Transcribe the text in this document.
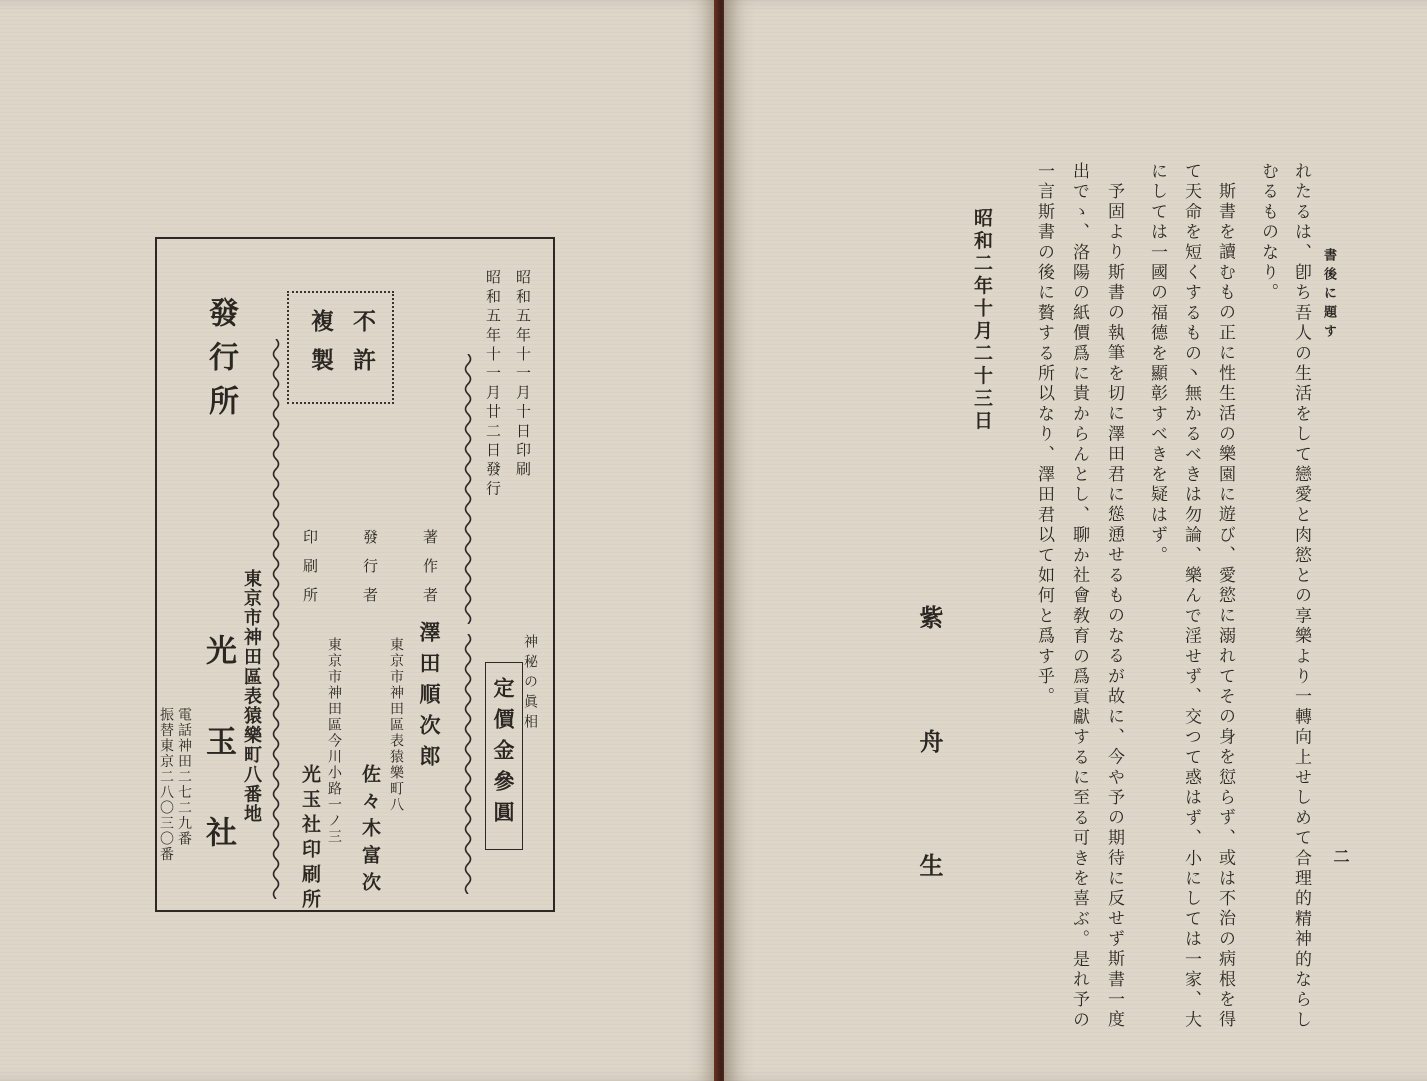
昭和五年十一月十日印刷
昭和五年十一月廿二日發行
不許
複製
神秘の眞相
定價金參圓
著作者
澤田順次郎
發行者
東京市神田區表猿樂町八
佐々木富次
印刷所
東京市神田區今川小路一ノ三
光玉社印刷所
發行所
東京市神田區表猿樂町八番地
光玉社
電話神田二七二九番
振替東京二八〇三〇番
書後に題す
二
れたるは、卽ち吾人の生活をして戀愛と肉慾との享樂より一轉向上せしめて合理的精神的ならし
むるものなり。
斯書を讀むもの正に性生活の樂園に遊び、愛慾に溺れてその身を愆らず、或は不治の病根を得
て天命を短くするもの丶無かるべきは勿論、樂んで淫せず、交つて惑はず、小にしては一家、大
にしては一國の福德を顯彰すべきを疑はず。
予固より斯書の執筆を切に澤田君に慫慂せるものなるが故に、今や予の期待に反せず斯書一度
出でゝ、洛陽の紙價爲に貴からんとし、聊か社會敎育の爲貢獻するに至る可きを喜ぶ。是れ予の
一言斯書の後に贅する所以なり、澤田君以て如何と爲す乎。
昭和二年十月二十三日
紫舟生
